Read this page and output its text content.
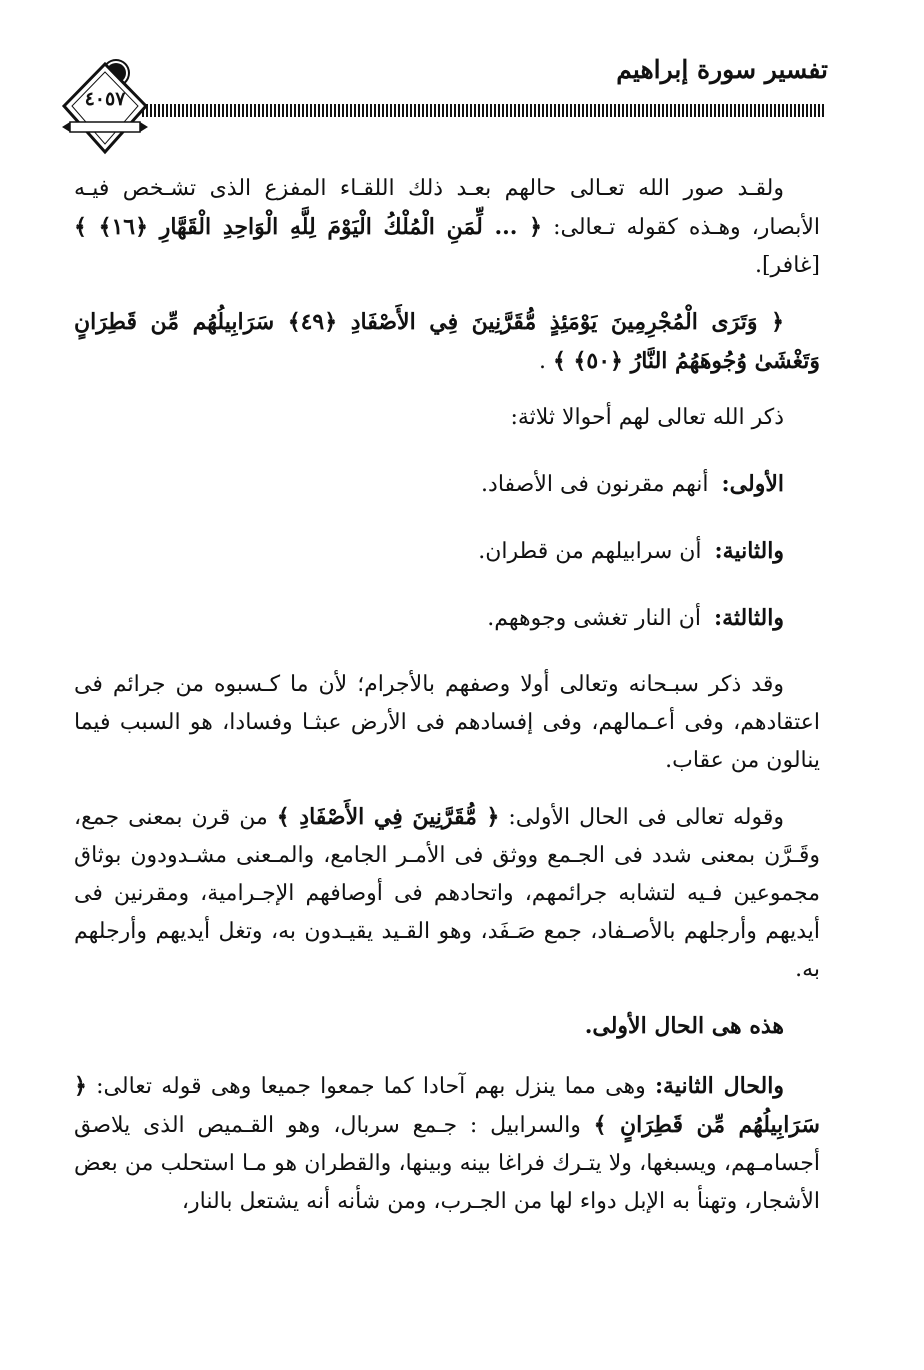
تفسير سورة إبراهيم
٤٠٥٧

ولقـد صور الله تعـالى حالهم بعـد ذلك اللقـاء المفزع الذى تشـخص فيـه الأبصار، وهـذه كقوله تـعالى: ﴿ ... لِّمَنِ الْمُلْكُ الْيَوْمَ لِلَّهِ الْوَاحِدِ الْقَهَّارِ ﴿١٦﴾ ﴾ [غافر].

﴿ وَتَرَى الْمُجْرِمِينَ يَوْمَئِذٍ مُّقَرَّنِينَ فِي الأَصْفَادِ ﴿٤٩﴾ سَرَابِيلُهُم مِّن قَطِرَانٍ وَتَغْشَىٰ وُجُوهَهُمُ النَّارُ ﴿٥٠﴾ ﴾ .

ذكر الله تعالى لهم أحوالا ثلاثة:

الأولى: أنهم مقرنون فى الأصفاد.

والثانية: أن سرابيلهم من قطران.

والثالثة: أن النار تغشى وجوههم.

وقد ذكر سبـحانه وتعالى أولا وصفهم بالأجرام؛ لأن ما كـسبوه من جرائم فى اعتقادهم، وفى أعـمالهم، وفى إفسادهم فى الأرض عبثـا وفسادا، هو السبب فيما ينالون من عقاب.

وقوله تعالى فى الحال الأولى: ﴿ مُّقَرَّنِينَ فِي الأَصْفَادِ ﴾ من قرن بمعنى جمع، وقَـرَّن بمعنى شدد فى الجـمع ووثق فى الأمـر الجامع، والمـعنى مشـدودون بوثاق مجموعين فـيه لتشابه جرائمهم، واتحادهم فى أوصافهم الإجـرامية، ومقرنين فى أيديهم وأرجلهم بالأصـفاد، جمع صَـفَد، وهو القـيد يقيـدون به، وتغل أيديهم وأرجلهم به.

هذه هى الحال الأولى.

والحال الثانية: وهى مما ينزل بهم آحادا كما جمعوا جميعا وهى قوله تعالى: ﴿ سَرَابِيلُهُم مِّن قَطِرَانٍ ﴾ والسرابيل : جـمع سربال، وهو القـميص الذى يلاصق أجسامـهم، ويسبغها، ولا يتـرك فراغا بينه وبينها، والقطران هو مـا استحلب من بعض الأشجار، وتهنأ به الإبل دواء لها من الجـرب، ومن شأنه أنه يشتعل بالنار،
